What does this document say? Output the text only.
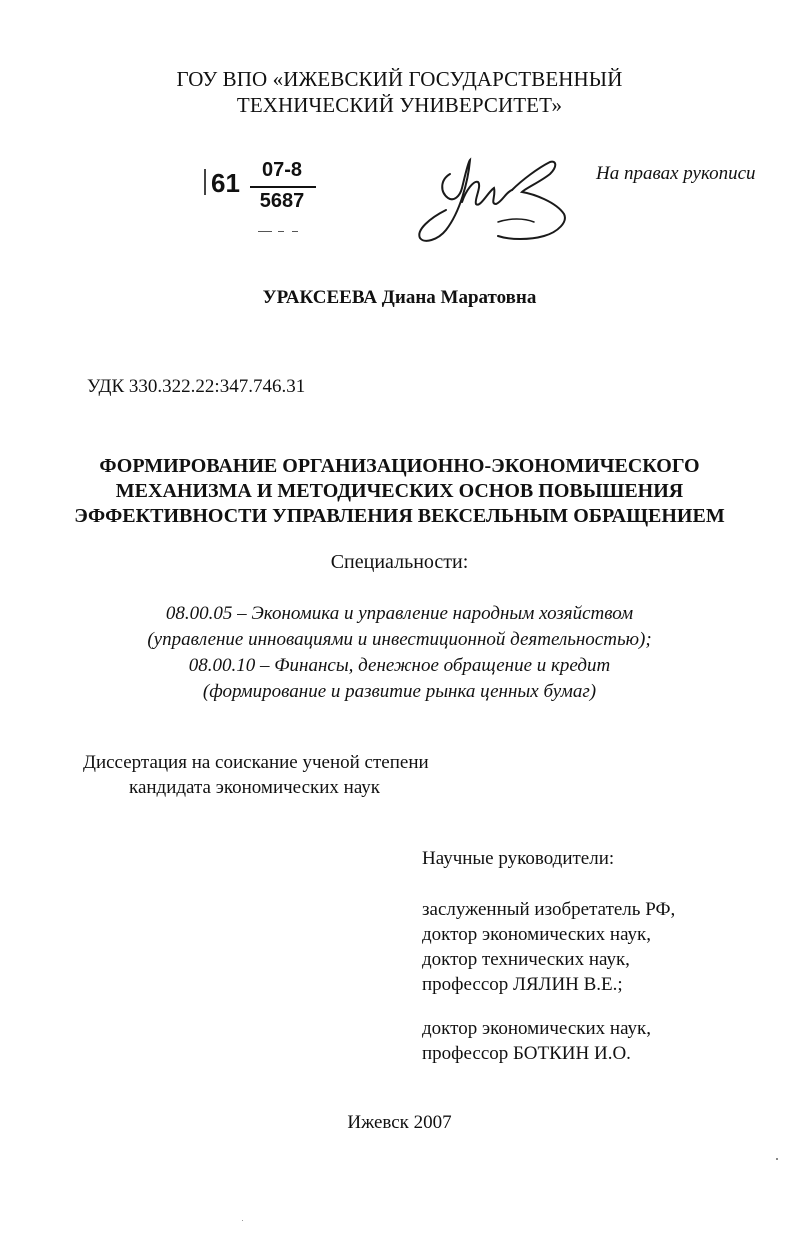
ГОУ ВПО «ИЖЕВСКИЙ ГОСУДАРСТВЕННЫЙ
ТЕХНИЧЕСКИЙ УНИВЕРСИТЕТ»
61	07-8
5687
На правах рукописи
УРАКСЕЕВА Диана Маратовна
УДК 330.322.22:347.746.31
ФОРМИРОВАНИЕ ОРГАНИЗАЦИОННО-ЭКОНОМИЧЕСКОГО
МЕХАНИЗМА И МЕТОДИЧЕСКИХ ОСНОВ ПОВЫШЕНИЯ
ЭФФЕКТИВНОСТИ УПРАВЛЕНИЯ ВЕКСЕЛЬНЫМ ОБРАЩЕНИЕМ
Специальности:
08.00.05 – Экономика и управление народным хозяйством
(управление инновациями и инвестиционной деятельностью);
08.00.10 – Финансы, денежное обращение и кредит
(формирование и развитие рынка ценных бумаг)
Диссертация на соискание ученой степени
кандидата экономических наук
Научные руководители:
заслуженный изобретатель РФ,
доктор экономических наук,
доктор технических наук,
профессор ЛЯЛИН В.Е.;
доктор экономических наук,
профессор БОТКИН И.О.
Ижевск 2007
